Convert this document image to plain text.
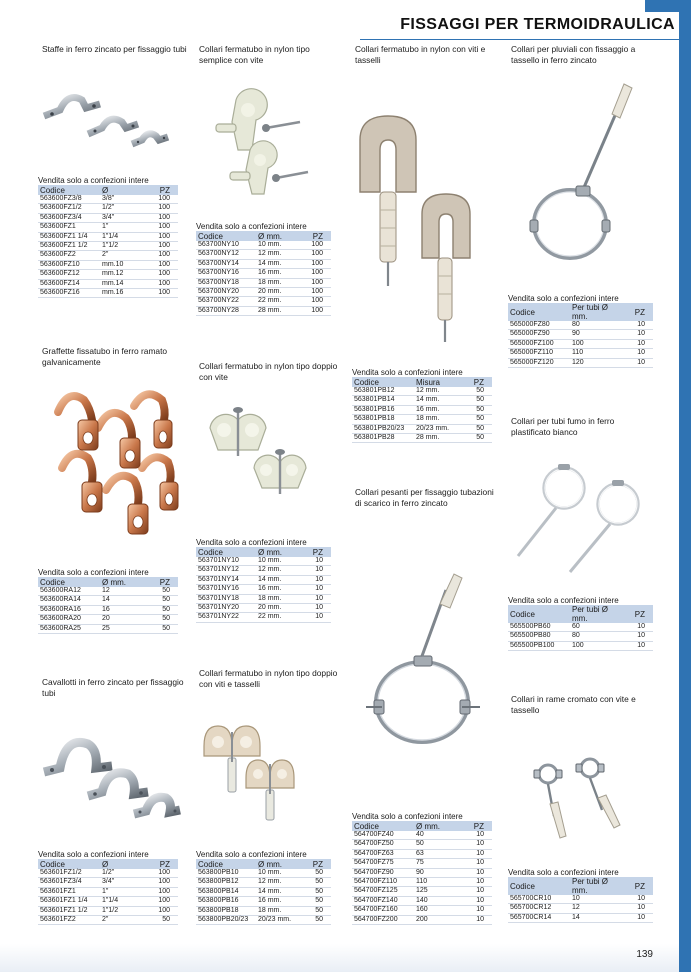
FISSAGGI PER TERMOIDRAULICA
Staffe in ferro zincato per fissaggio tubi
Vendita solo a confezioni intere
Codice	Ø	PZ
563600FZ3/8	3/8"	100
563600FZ1/2	1/2"	100
563600FZ3/4	3/4"	100
563600FZ1	1"	100
563600FZ1 1/4	1"1/4	100
563600FZ1 1/2	1"1/2	100
563600FZ2	2"	100
563600FZ10	mm.10	100
563600FZ12	mm.12	100
563600FZ14	mm.14	100
563600FZ16	mm.16	100
Graffette fissatubo in ferro ramato galvanicamente
Vendita solo a confezioni intere
Codice	Ø mm.	PZ
563600RA12	12	50
563600RA14	14	50
563600RA16	16	50
563600RA20	20	50
563600RA25	25	50
Cavallotti in ferro zincato per fissaggio tubi
Vendita solo a confezioni intere
Codice	Ø	PZ
563601FZ1/2	1/2"	100
563601FZ3/4	3/4"	100
563601FZ1	1"	100
563601FZ1 1/4	1"1/4	100
563601FZ1 1/2	1"1/2	100
563601FZ2	2"	50
Collari fermatubo in nylon tipo semplice con vite
Vendita solo a confezioni intere
Codice	Ø mm.	PZ
563700NY10	10 mm.	100
563700NY12	12 mm.	100
563700NY14	14 mm.	100
563700NY16	16 mm.	100
563700NY18	18 mm.	100
563700NY20	20 mm.	100
563700NY22	22 mm.	100
563700NY28	28 mm.	100
Collari fermatubo in nylon tipo doppio con vite
Vendita solo a confezioni intere
Codice	Ø mm.	PZ
563701NY10	10 mm.	10
563701NY12	12 mm.	10
563701NY14	14 mm.	10
563701NY16	16 mm.	10
563701NY18	18 mm.	10
563701NY20	20 mm.	10
563701NY22	22 mm.	10
Collari fermatubo in nylon tipo doppio con viti e tasselli
Vendita solo a confezioni intere
Codice	Ø mm.	PZ
563800PB10	10 mm.	50
563800PB12	12 mm.	50
563800PB14	14 mm.	50
563800PB16	16 mm.	50
563800PB18	18 mm.	50
563800PB20/23	20/23 mm.	50
Collari fermatubo in nylon con viti e tasselli
Vendita solo a confezioni intere
Codice	Misura	PZ
563801PB12	12 mm.	50
563801PB14	14 mm.	50
563801PB16	16 mm.	50
563801PB18	18 mm.	50
563801PB20/23	20/23 mm.	50
563801PB28	28 mm.	50
Collari pesanti per fissaggio tubazioni di scarico in ferro zincato
Vendita solo a confezioni intere
Codice	Ø mm.	PZ
564700FZ40	40	10
564700FZ50	50	10
564700FZ63	63	10
564700FZ75	75	10
564700FZ90	90	10
564700FZ110	110	10
564700FZ125	125	10
564700FZ140	140	10
564700FZ160	160	10
564700FZ200	200	10
Collari per pluviali con fissaggio a tassello in ferro zincato
Vendita solo a confezioni intere
Codice	Per tubi Ø mm.	PZ
565000FZ80	80	10
565000FZ90	90	10
565000FZ100	100	10
565000FZ110	110	10
565000FZ120	120	10
Collari per tubi fumo in ferro plastificato bianco
Vendita solo a confezioni intere
Codice	Per tubi Ø mm.	PZ
565500PB60	60	10
565500PB80	80	10
565500PB100	100	10
Collari in rame cromato con vite e tassello
Vendita solo a confezioni intere
Codice	Per tubi Ø mm.	PZ
565700CR10	10	10
565700CR12	12	10
565700CR14	14	10
139
